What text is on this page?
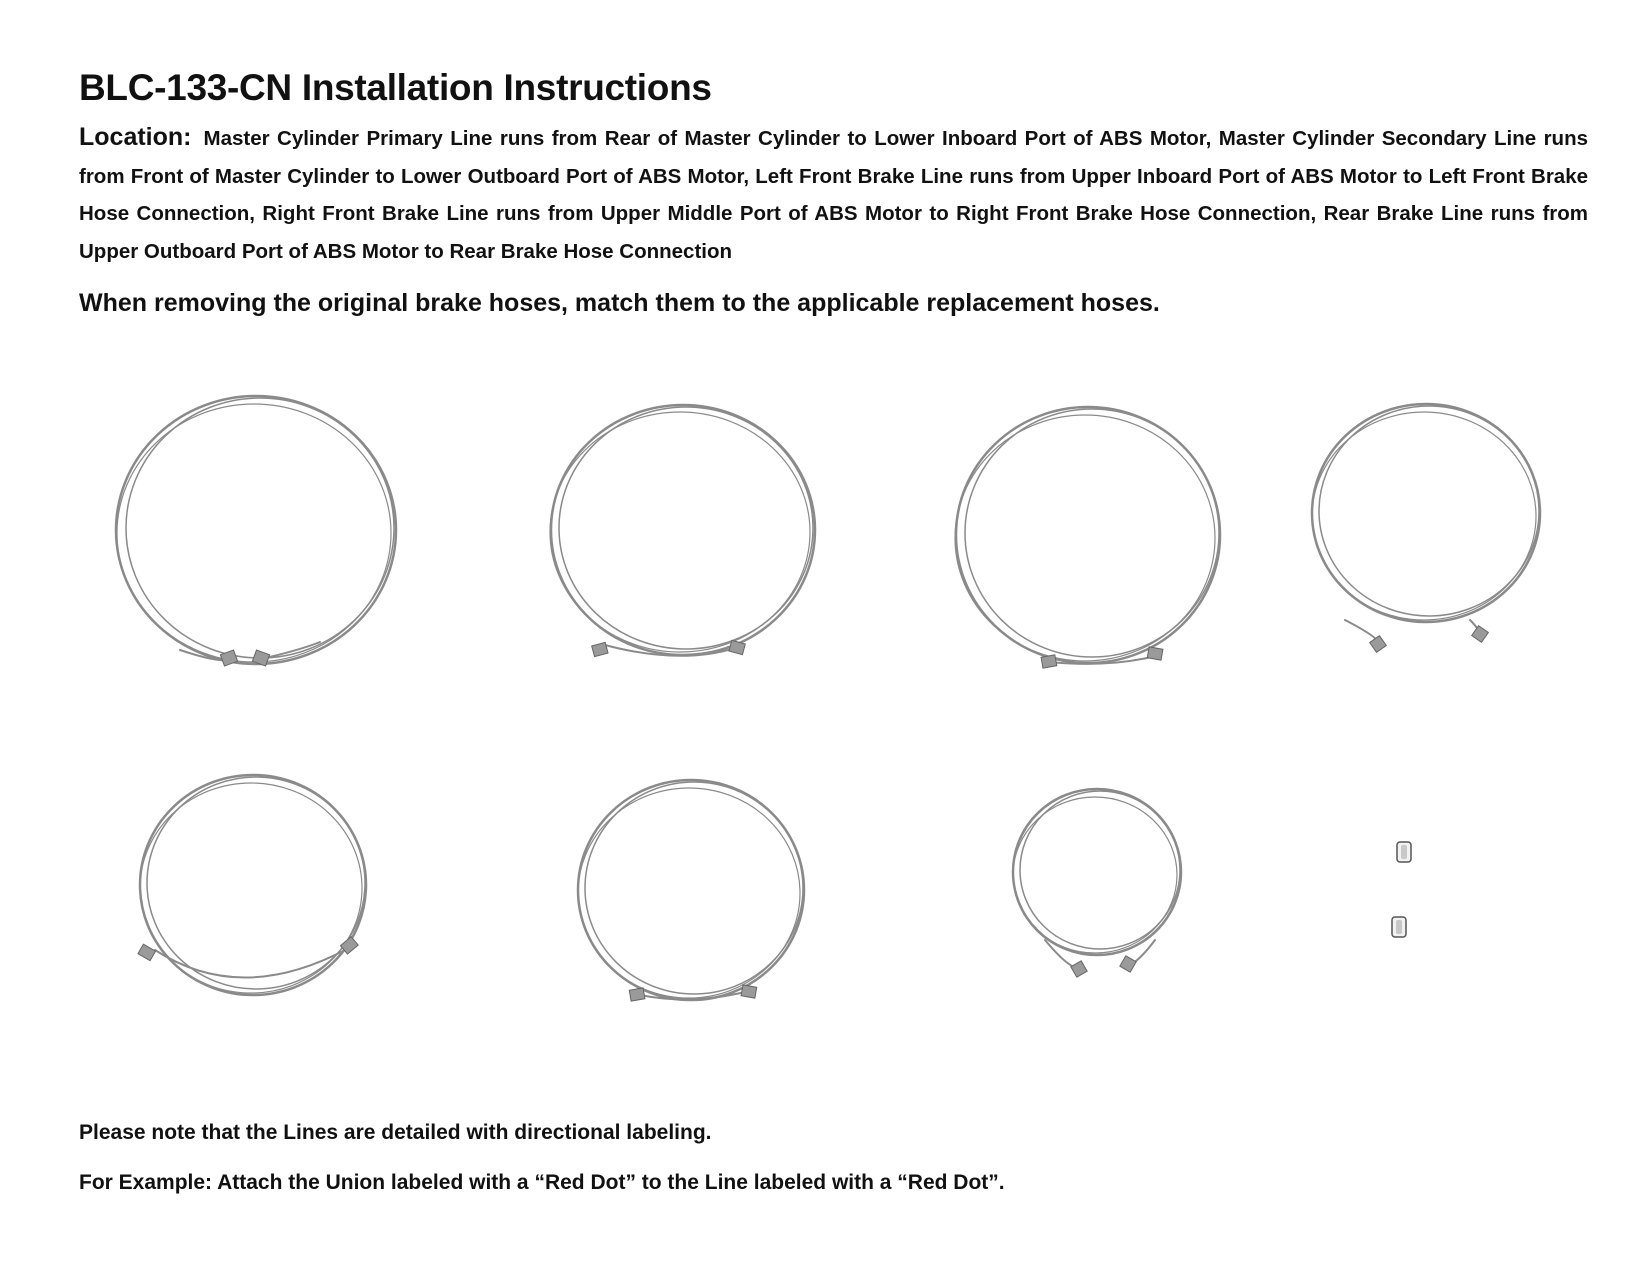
BLC-133-CN Installation Instructions

Location: Master Cylinder Primary Line runs from Rear of Master Cylinder to Lower Inboard Port of ABS Motor, Master Cylinder Secondary Line runs from Front of Master Cylinder to Lower Outboard Port of ABS Motor, Left Front Brake Line runs from Upper Inboard Port of ABS Motor to Left Front Brake Hose Connection, Right Front Brake Line runs from Upper Middle Port of ABS Motor to Right Front Brake Hose Connection, Rear Brake Line runs from Upper Outboard Port of ABS Motor to Rear Brake Hose Connection

When removing the original brake hoses, match them to the applicable replacement hoses.

Please note that the Lines are detailed with directional labeling.

For Example: Attach the Union labeled with a “Red Dot” to the Line labeled with a “Red Dot”.
